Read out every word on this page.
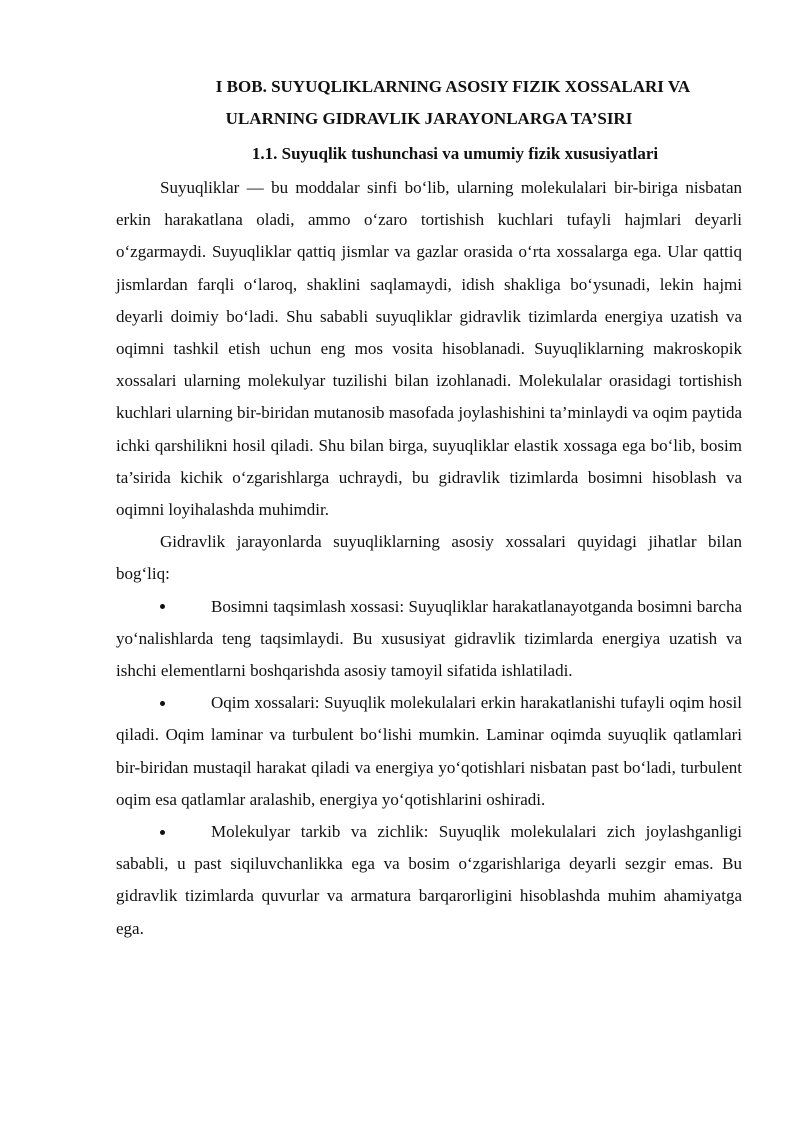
I BOB. SUYUQLIKLARNING ASOSIY FIZIK XOSSALARI VA
ULARNING GIDRAVLIK JARAYONLARGA TA’SIRI
1.1. Suyuqlik tushunchasi va umumiy fizik xususiyatlari

Suyuqliklar — bu moddalar sinfi bo‘lib, ularning molekulalari bir-biriga nisbatan erkin harakatlana oladi, ammo o‘zaro tortishish kuchlari tufayli hajmlari deyarli o‘zgarmaydi. Suyuqliklar qattiq jismlar va gazlar orasida o‘rta xossalarga ega. Ular qattiq jismlardan farqli o‘laroq, shaklini saqlamaydi, idish shakliga bo‘ysunadi, lekin hajmi deyarli doimiy bo‘ladi. Shu sababli suyuqliklar gidravlik tizimlarda energiya uzatish va oqimni tashkil etish uchun eng mos vosita hisoblanadi. Suyuqliklarning makroskopik xossalari ularning molekulyar tuzilishi bilan izohlanadi. Molekulalar orasidagi tortishish kuchlari ularning bir-biridan mutanosib masofada joylashishini ta’minlaydi va oqim paytida ichki qarshilikni hosil qiladi. Shu bilan birga, suyuqliklar elastik xossaga ega bo‘lib, bosim ta’sirida kichik o‘zgarishlarga uchraydi, bu gidravlik tizimlarda bosimni hisoblash va oqimni loyihalashda muhimdir.

Gidravlik jarayonlarda suyuqliklarning asosiy xossalari quyidagi jihatlar bilan bog‘liq:

Bosimni taqsimlash xossasi: Suyuqliklar harakatlanayotganda bosimni barcha yo‘nalishlarda teng taqsimlaydi. Bu xususiyat gidravlik tizimlarda energiya uzatish va ishchi elementlarni boshqarishda asosiy tamoyil sifatida ishlatiladi.
Oqim xossalari: Suyuqlik molekulalari erkin harakatlanishi tufayli oqim hosil qiladi. Oqim laminar va turbulent bo‘lishi mumkin. Laminar oqimda suyuqlik qatlamlari bir-biridan mustaqil harakat qiladi va energiya yo‘qotishlari nisbatan past bo‘ladi, turbulent oqim esa qatlamlar aralashib, energiya yo‘qotishlarini oshiradi.
Molekulyar tarkib va zichlik: Suyuqlik molekulalari zich joylashganligi sababli, u past siqiluvchanlikka ega va bosim o‘zgarishlariga deyarli sezgir emas. Bu gidravlik tizimlarda quvurlar va armatura barqarorligini hisoblashda muhim ahamiyatga ega.
